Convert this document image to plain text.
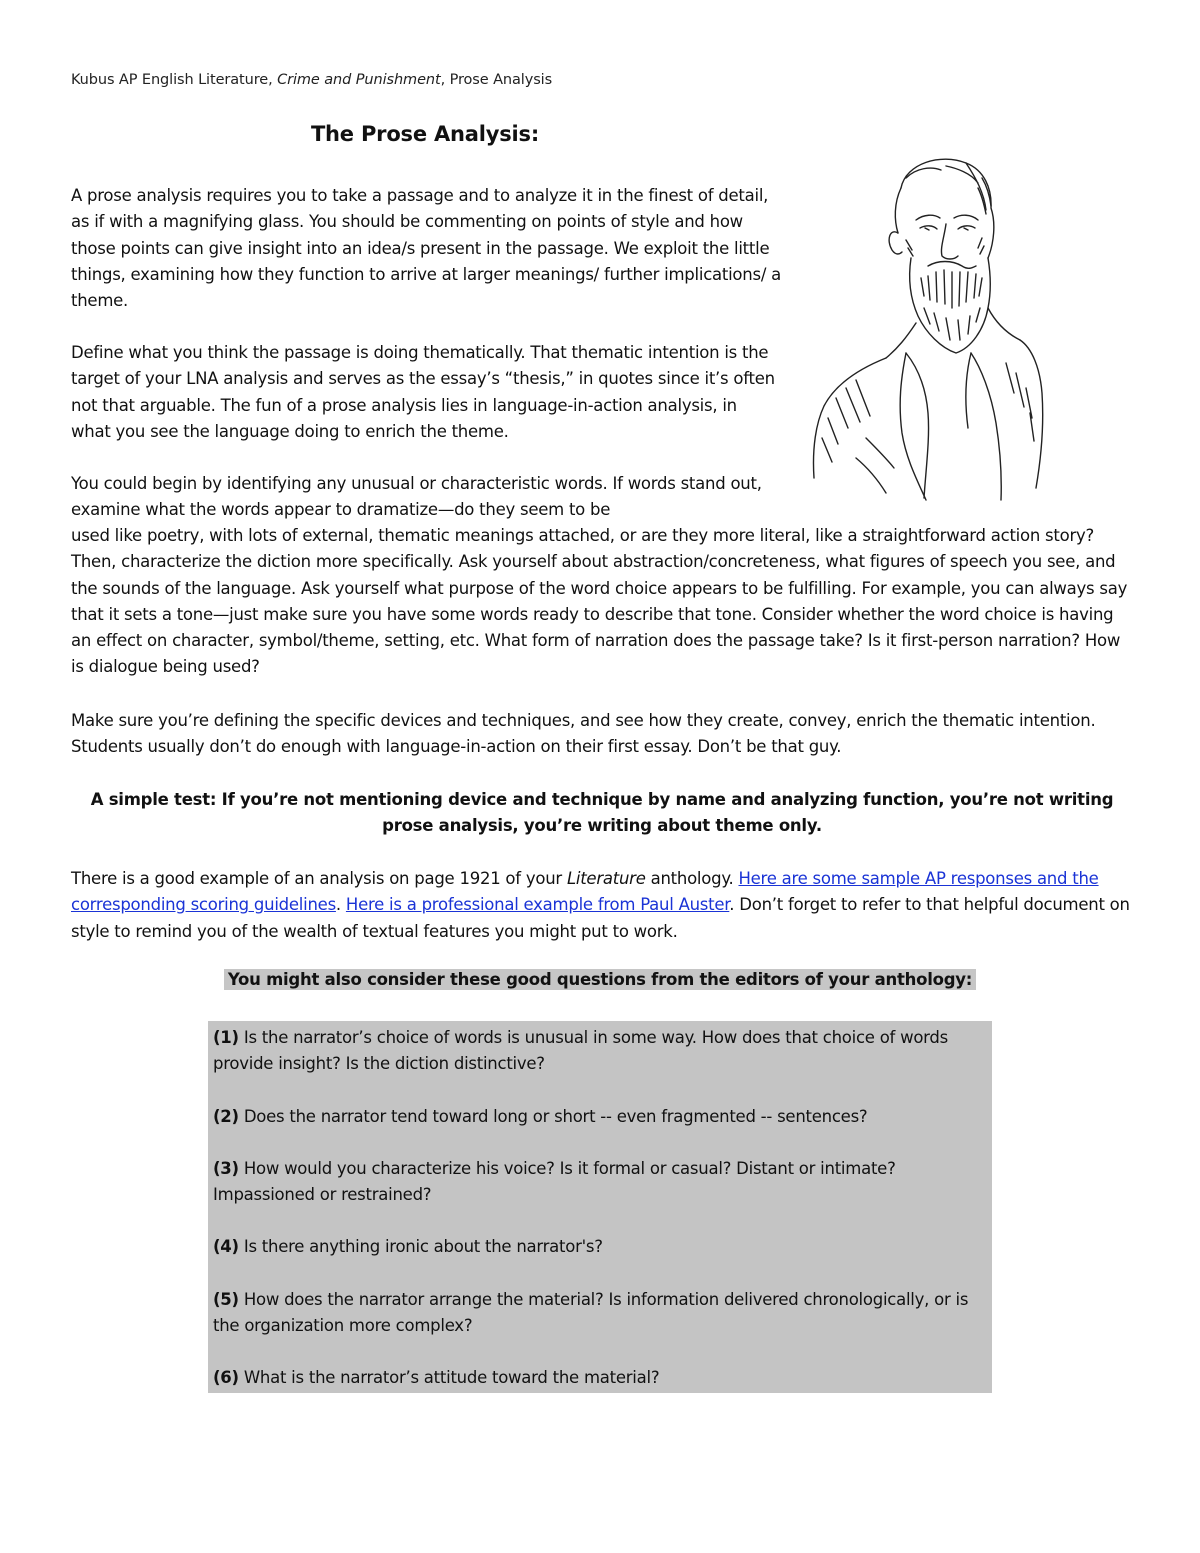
Kubus AP English Literature, Crime and Punishment, Prose Analysis
The Prose Analysis:

A prose analysis requires you to take a passage and to analyze it in the finest of detail, as if with a magnifying glass. You should be commenting on points of style and how those points can give insight into an idea/s present in the passage. We exploit the little things, examining how they function to arrive at larger meanings/ further implications/ a theme.

Define what you think the passage is doing thematically. That thematic intention is the target of your LNA analysis and serves as the essay’s “thesis,” in quotes since it’s often not that arguable. The fun of a prose analysis lies in language-in-action analysis, in what you see the language doing to enrich the theme.

You could begin by identifying any unusual or characteristic words. If words stand out, examine what the words appear to dramatize—do they seem to be

used like poetry, with lots of external, thematic meanings attached, or are they more literal, like a straightforward action story? Then, characterize the diction more specifically. Ask yourself about abstraction/concreteness, what figures of speech you see, and the sounds of the language. Ask yourself what purpose of the word choice appears to be fulfilling. For example, you can always say that it sets a tone—just make sure you have some words ready to describe that tone. Consider whether the word choice is having an effect on character, symbol/theme, setting, etc. What form of narration does the passage take? Is it first-person narration? How is dialogue being used?

Make sure you’re defining the specific devices and techniques, and see how they create, convey, enrich the thematic intention. Students usually don’t do enough with language-in-action on their first essay. Don’t be that guy.

A simple test: If you’re not mentioning device and technique by name and analyzing function, you’re not writing prose analysis, you’re writing about theme only.

There is a good example of an analysis on page 1921 of your Literature anthology. Here are some sample AP responses and the corresponding scoring guidelines. Here is a professional example from Paul Auster. Don’t forget to refer to that helpful document on style to remind you of the wealth of textual features you might put to work.

You might also consider these good questions from the editors of your anthology:

(1) Is the narrator’s choice of words is unusual in some way. How does that choice of words provide insight? Is the diction distinctive?

(2) Does the narrator tend toward long or short -- even fragmented -- sentences?

(3) How would you characterize his voice? Is it formal or casual? Distant or intimate? Impassioned or restrained?

(4) Is there anything ironic about the narrator's?

(5) How does the narrator arrange the material? Is information delivered chronologically, or is the organization more complex?

(6) What is the narrator’s attitude toward the material?
